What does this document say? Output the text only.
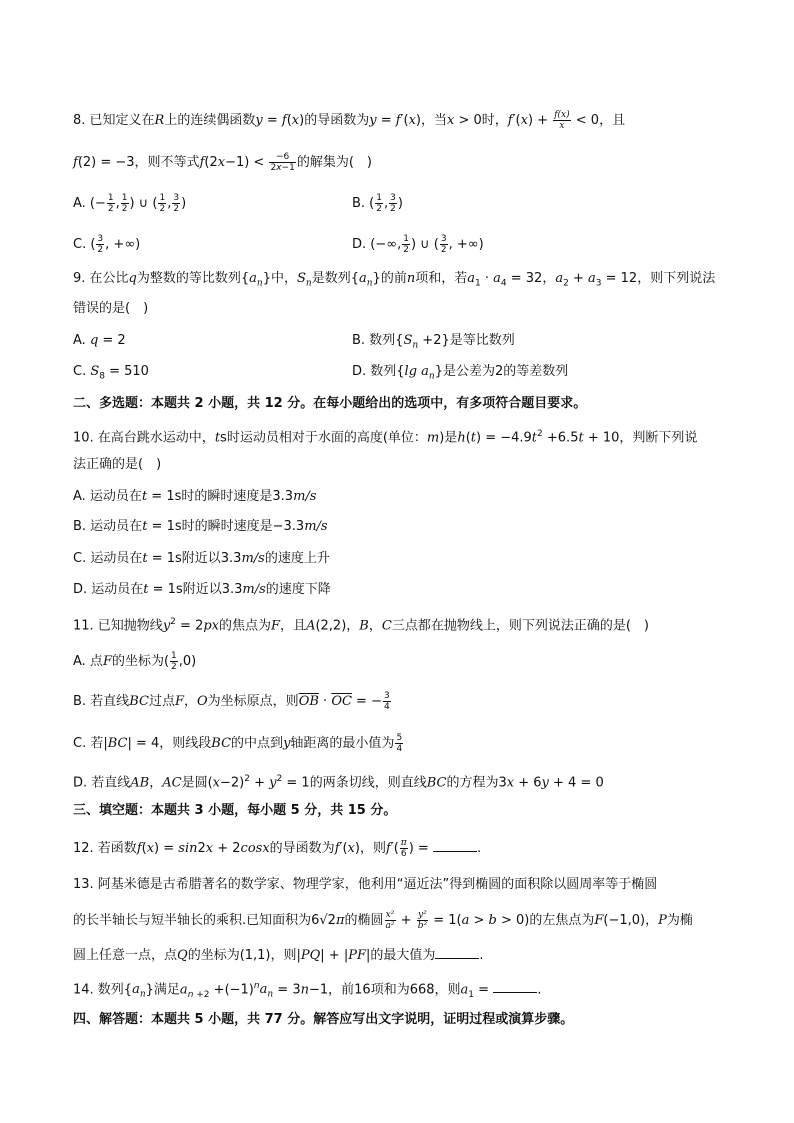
8. 已知定义在R上的连续偶函数y = f(x)的导函数为y = f′(x)，当x > 0时，$f'(x) + \frac{f(x)}{x} < 0$，且
f(2) = −3，则不等式$f(2x-1) < \frac{-6}{2x-1}$ 的解集为(　)
A. (− $\frac{1}{2}$ , $\frac{1}{2}$ ) ∪ ( $\frac{1}{2}$ , $\frac{3}{2}$ )	B. ( $\frac{1}{2}$ , $\frac{3}{2}$ )
C. ( $\frac{3}{2}$ , +∞)	D. (−∞, $\frac{1}{2}$ ) ∪ ( $\frac{3}{2}$ , +∞)
9. 在公比q为整数的等比数列$\{a_n\}$中，$S_n$是数列$\{a_n\}$的前n项和，若$a_1 \cdot a_4 = 32$，$a_2 + a_3 = 12$，则下列说法
错误的是(　)
A. q = 2	B. 数列$\{S_n +2\}$是等比数列
C. $S_8 = 510$	D. 数列{lg $a_n$}是公差为2的等差数列
二、多选题：本题共 2 小题，共 12 分。在每小题给出的选项中，有多项符合题目要求。
10. 在高台跳水运动中，ts时运动员相对于水面的高度(单位：m)是$h(t) = -4.9t^2 +6.5t + 10$，判断下列说
法正确的是(　)
A. 运动员在t = 1s时的瞬时速度是3.3m/s
B. 运动员在t = 1s时的瞬时速度是−3.3m/s
C. 运动员在t = 1s附近以3.3m/s的速度上升
D. 运动员在t = 1s附近以3.3m/s的速度下降
11. 已知抛物线$y^2 = 2px$的焦点为F，且A(2,2)，B，C三点都在抛物线上，则下列说法正确的是(　)
A. 点F的坐标为( $\frac{1}{2} ,0$)
B. 若直线BC过点F，O为坐标原点，则$\overline{OB} \cdot \overline{OC}$ = − $\frac{3}{4}$
C. 若|BC| = 4，则线段BC的中点到y轴距离的最小值为 $\frac{5}{4}$
D. 若直线AB，AC是圆$(x-2)^2 + y^2 = 1$的两条切线，则直线BC的方程为3x + 6y + 4 = 0
三、填空题：本题共 3 小题，每小题 5 分，共 15 分。
12. 若函数f(x) = sin2x + 2cosx的导函数为f′(x)，则$f'( \frac{\pi}{6}$ ) =	.
13. 阿基米德是古希腊著名的数学家、物理学家，他利用“逼近法”得到椭圆的面积除以圆周率等于椭圆
的长半轴长与短半轴长的乘积.已知面积为6√2π的椭圆 $\frac{\text{x²}}{\text{a²}} + \frac{\text{y²}}{\text{b²}} = 1(a > b > 0)$的左焦点为F(−1,0)，P为椭
圆上任意一点，点Q的坐标为(1,1)，则|PQ| + |PF|的最大值为	.
14. 数列$\{a_n\}$满足$a_{n +2} +(-1)^na_n = 3n-1$，前16项和为668，则$a_1$ =	.
四、解答题：本题共 5 小题，共 77 分。解答应写出文字说明，证明过程或演算步骤。
